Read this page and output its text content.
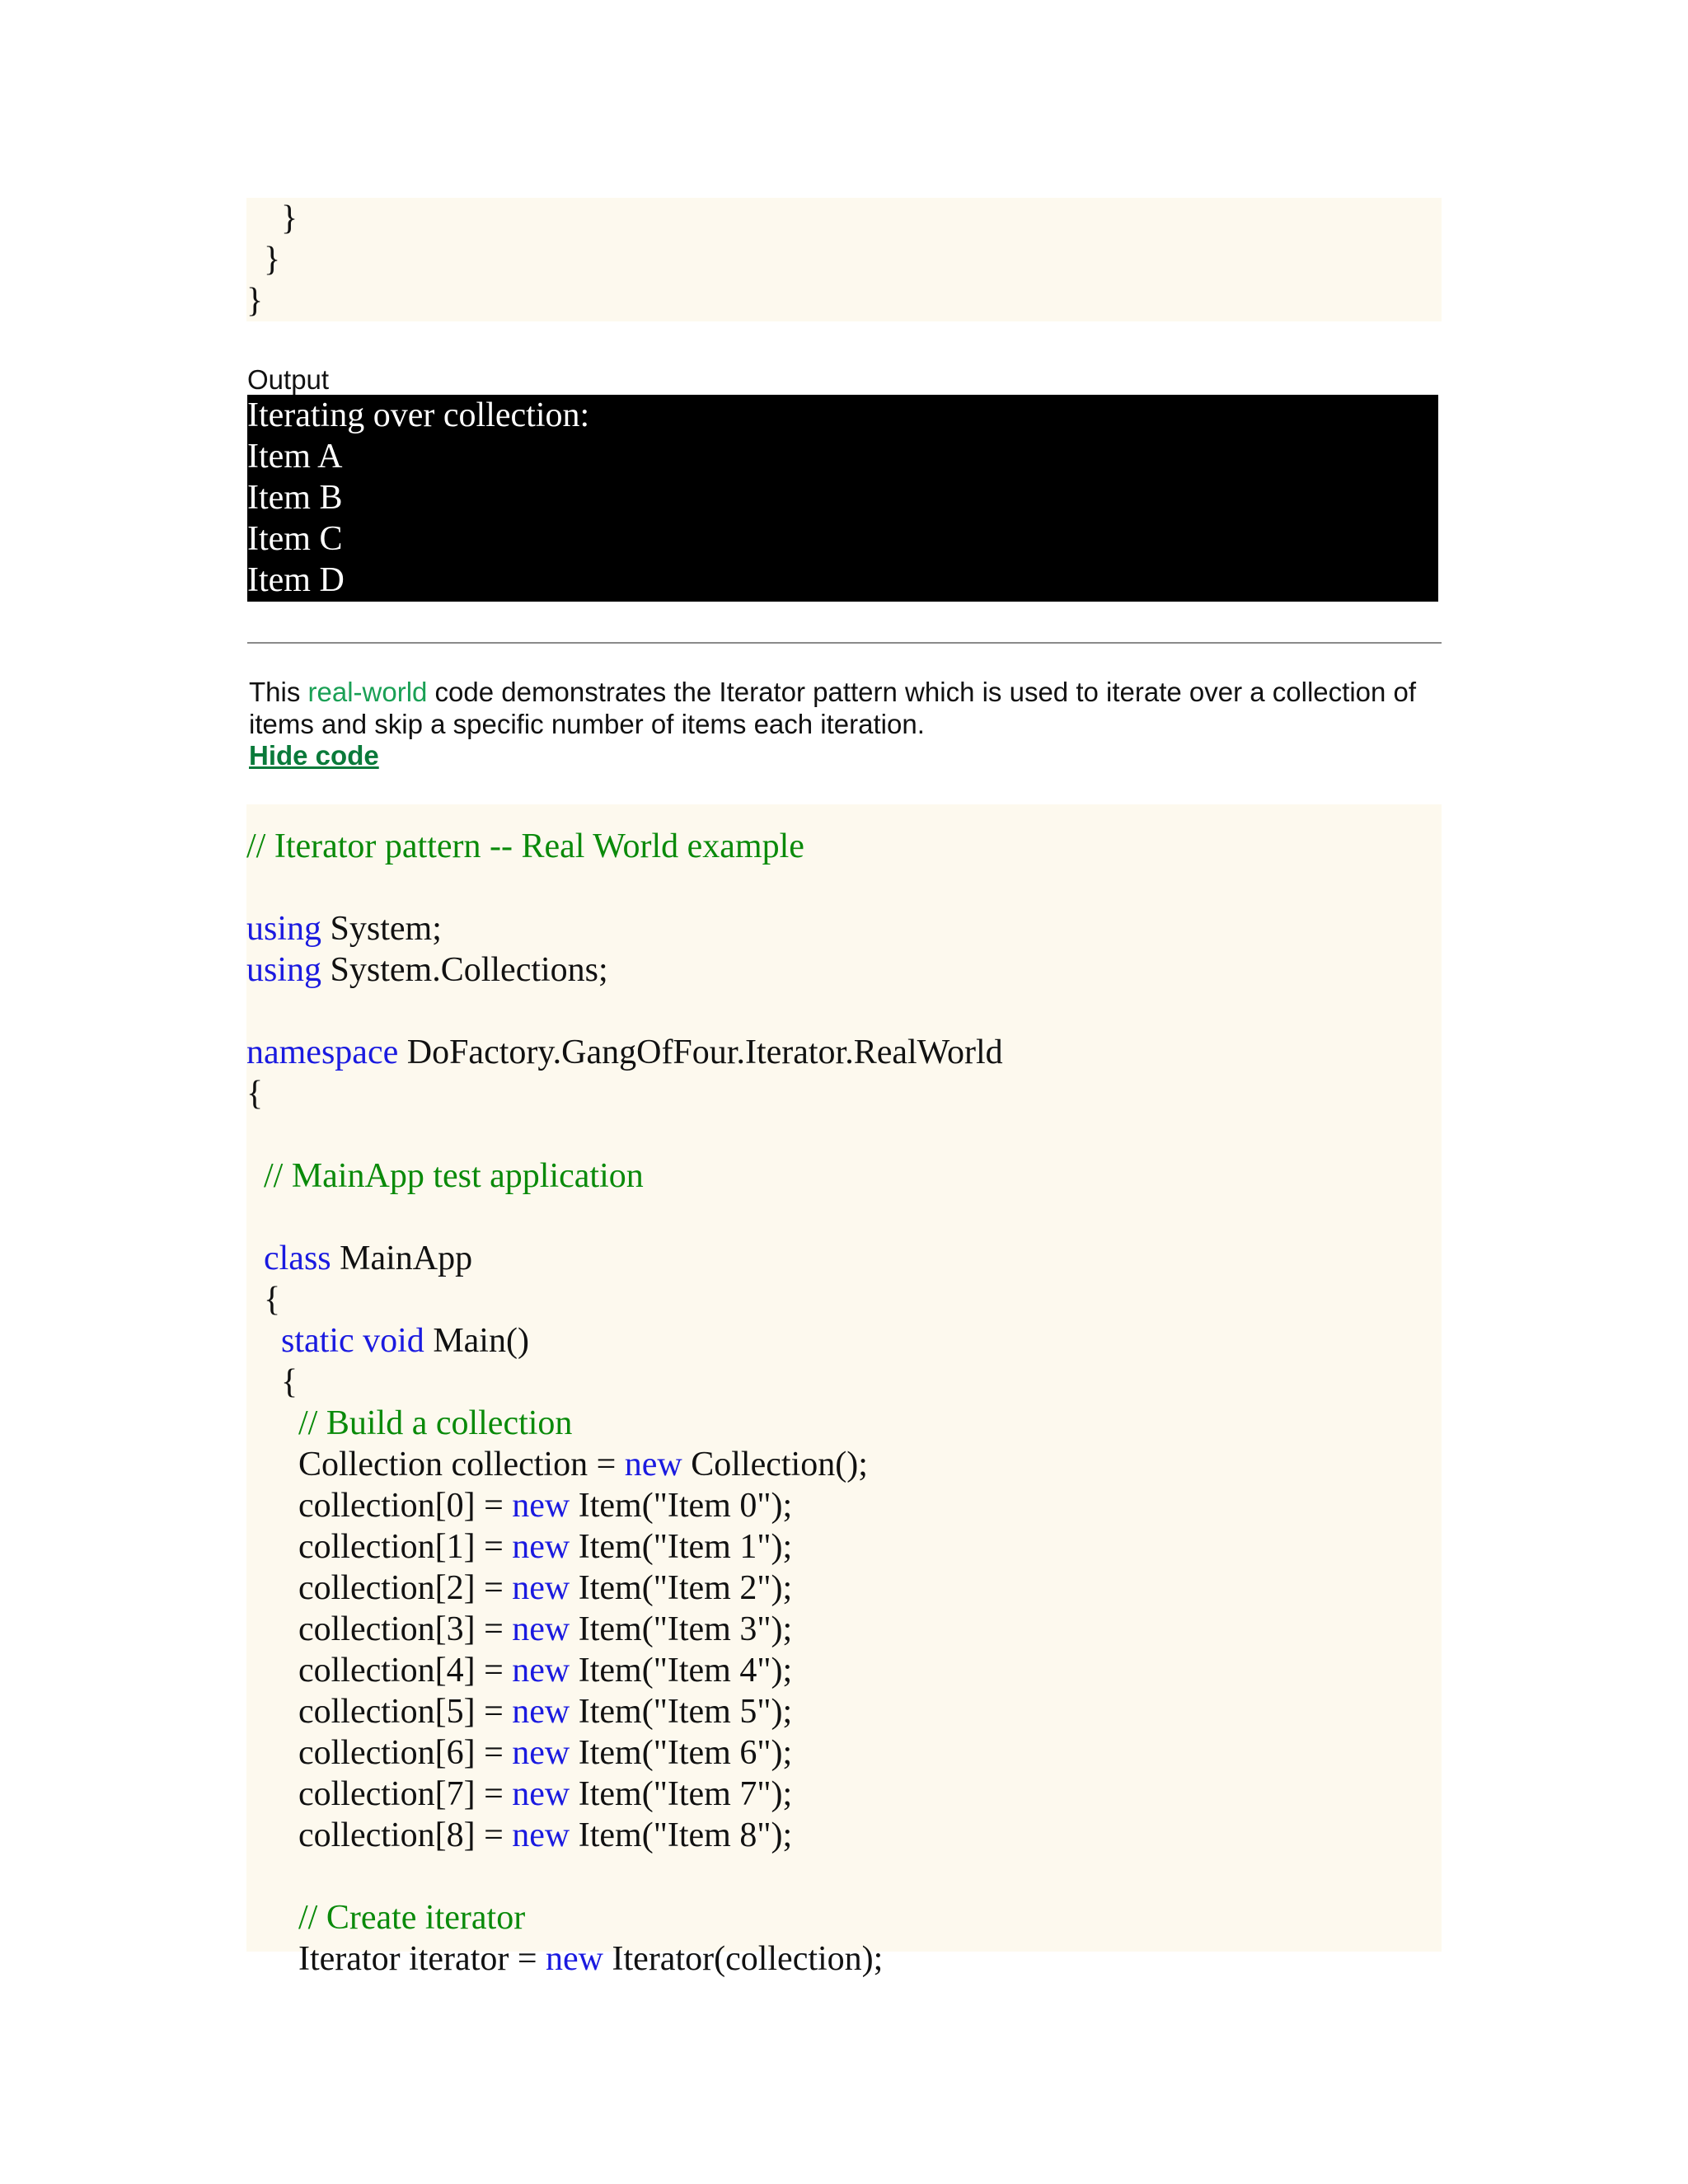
}
}
}
Output
Iterating over collection:
Item A
Item B
Item C
Item D
This real-world code demonstrates the Iterator pattern which is used to iterate over a collection of items and skip a specific number of items each iteration.
Hide code
// Iterator pattern -- Real World example
using System;
using System.Collections;
namespace DoFactory.GangOfFour.Iterator.RealWorld
{
// MainApp test application
class MainApp
{
static void Main()
{
// Build a collection
Collection collection = new Collection();
collection[0] = new Item("Item 0");
collection[1] = new Item("Item 1");
collection[2] = new Item("Item 2");
collection[3] = new Item("Item 3");
collection[4] = new Item("Item 4");
collection[5] = new Item("Item 5");
collection[6] = new Item("Item 6");
collection[7] = new Item("Item 7");
collection[8] = new Item("Item 8");
// Create iterator
Iterator iterator = new Iterator(collection);
